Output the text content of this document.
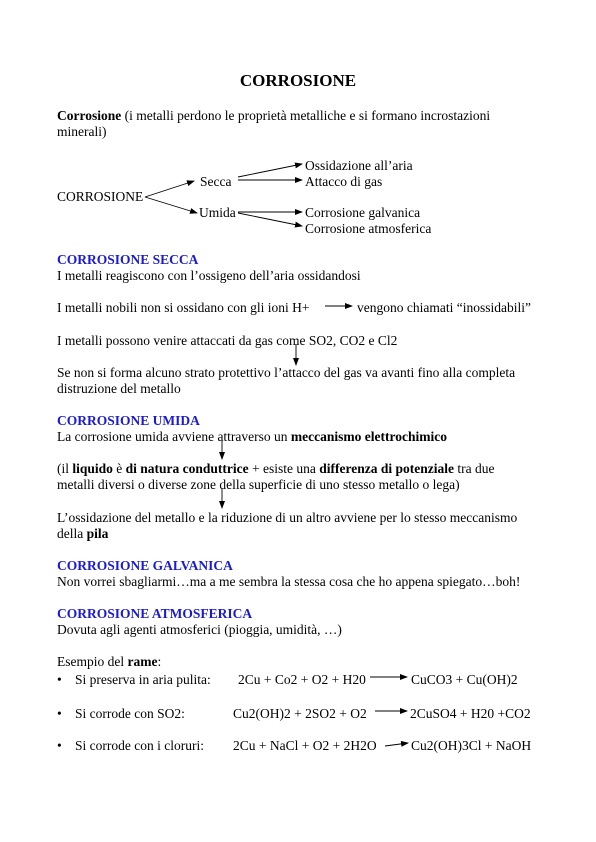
CORROSIONE
Corrosione (i metalli perdono le proprietà metalliche e si formano incrostazioni
minerali)
CORROSIONE
Secca
Umida
Ossidazione all’aria
Attacco di gas
Corrosione galvanica
Corrosione atmosferica
CORROSIONE SECCA
I metalli reagiscono con l’ossigeno dell’aria ossidandosi
I metalli nobili non si ossidano con gli ioni H+	vengono chiamati “inossidabili”
I metalli possono venire attaccati da gas come SO2, CO2 e Cl2
Se non si forma alcuno strato protettivo l’attacco del gas va avanti fino alla completa
distruzione del metallo
CORROSIONE UMIDA
La corrosione umida avviene attraverso un meccanismo elettrochimico
(il liquido è di natura conduttrice + esiste una differenza di potenziale tra due
metalli diversi o diverse zone della superficie di uno stesso metallo o lega)
L’ossidazione del metallo e la riduzione di un altro avviene per lo stesso meccanismo
della pila
CORROSIONE GALVANICA
Non vorrei sbagliarmi…ma a me sembra la stessa cosa che ho appena spiegato…boh!
CORROSIONE ATMOSFERICA
Dovuta agli agenti atmosferici (pioggia, umidità, …)
Esempio del rame:
• Si preserva in aria pulita: 2Cu + Co2 + O2 + H20	CuCO3 + Cu(OH)2
• Si corrode con SO2:	Cu2(OH)2 + 2SO2 + O2	2CuSO4 + H20 +CO2
• Si corrode con i cloruri: 2Cu + NaCl + O2 + 2H2O	Cu2(OH)3Cl + NaOH
